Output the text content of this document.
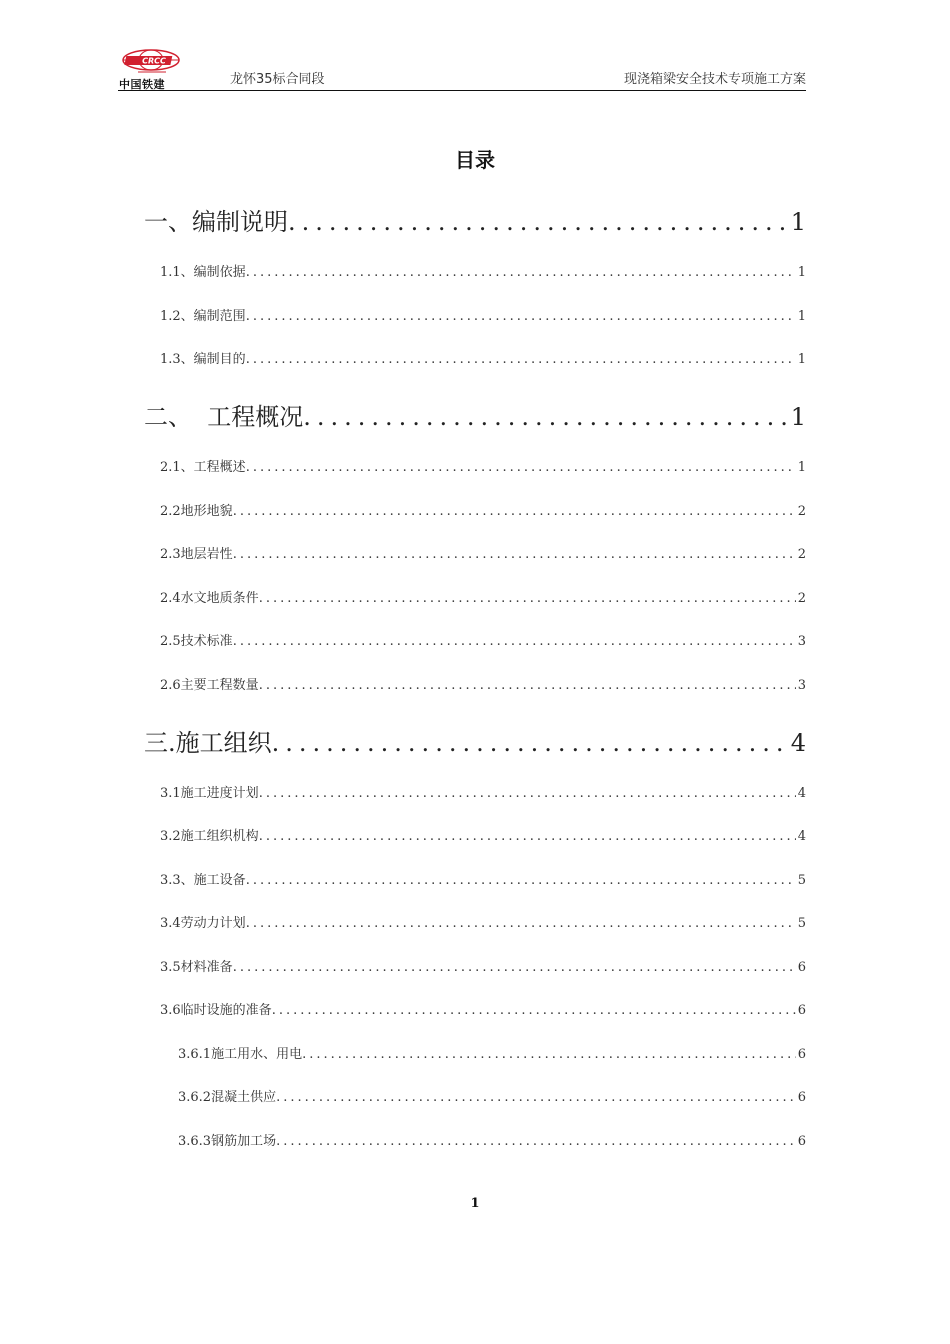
CRCC
中国铁建	龙怀35标合同段	现浇箱梁安全技术专项施工方案
目录
一、编制说明 .....	1
1.1、编制依据 .....	1
1.2、编制范围 .....	1
1.3、编制目的 .....	1
二、  工程概况 .....	1
2.1、工程概述 .....	1
2.2地形地貌 .....	2
2.3地层岩性 .....	2
2.4水文地质条件 .....	2
2.5技术标准 .....	3
2.6主要工程数量 .....	3
三.施工组织 .....	4
3.1施工进度计划 .....	4
3.2施工组织机构 .....	4
3.3、施工设备 .....	5
3.4劳动力计划 .....	5
3.5材料准备 .....	6
3.6临时设施的准备 .....	6
3.6.1施工用水、用电 .....	6
3.6.2混凝土供应 .....	6
3.6.3钢筋加工场 .....	6
1
